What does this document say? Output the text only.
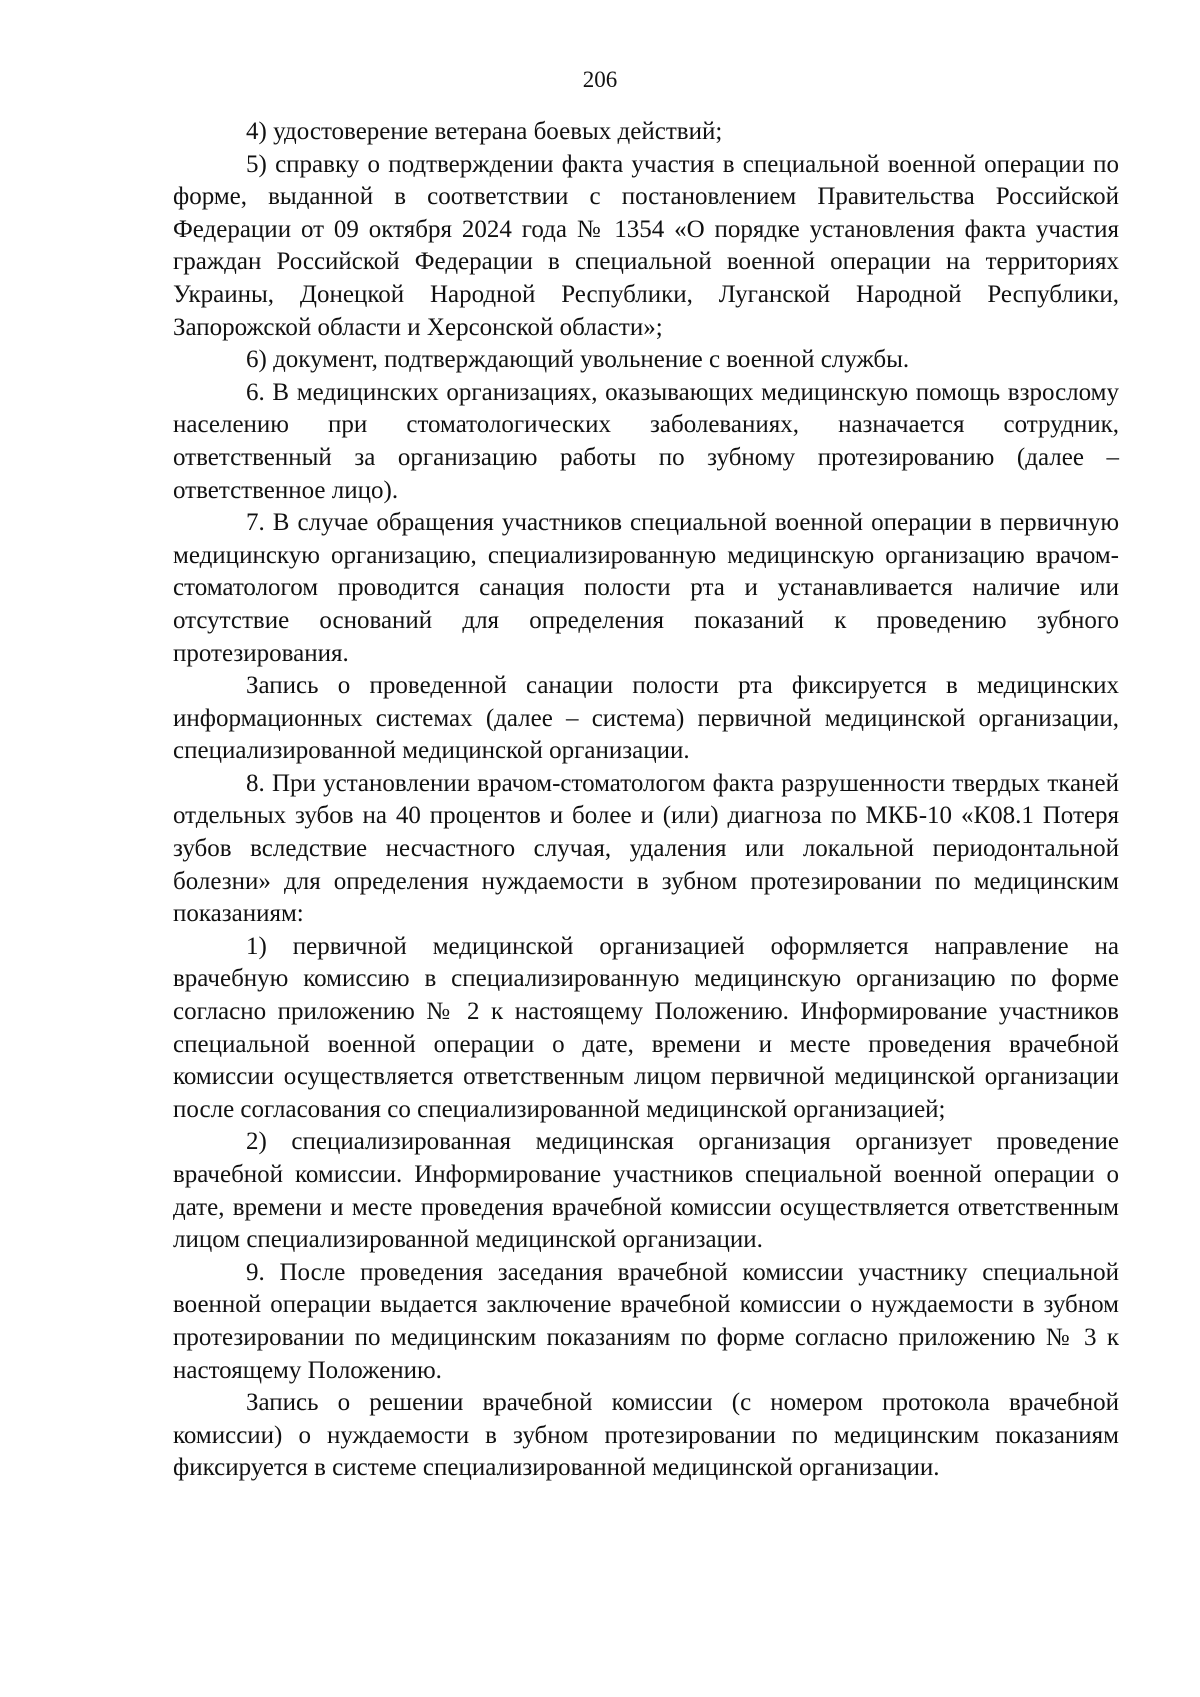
206

4) удостоверение ветерана боевых действий;

5) справку о подтверждении факта участия в специальной военной операции по форме, выданной в соответствии с постановлением Правительства Российской Федерации от 09 октября 2024 года № 1354 «О порядке установления факта участия граждан Российской Федерации в специальной военной операции на территориях Украины, Донецкой Народной Республики, Луганской Народной Республики, Запорожской области и Херсонской области»;

6) документ, подтверждающий увольнение с военной службы.

6. В медицинских организациях, оказывающих медицинскую помощь взрослому населению при стоматологических заболеваниях, назначается сотрудник, ответственный за организацию работы по зубному протезированию (далее – ответственное лицо).

7. В случае обращения участников специальной военной операции в первичную медицинскую организацию, специализированную медицинскую организацию врачом-стоматологом проводится санация полости рта и устанавливается наличие или отсутствие оснований для определения показаний к проведению зубного протезирования.

Запись о проведенной санации полости рта фиксируется в медицинских информационных системах (далее – система) первичной медицинской организации, специализированной медицинской организации.

8. При установлении врачом-стоматологом факта разрушенности твердых тканей отдельных зубов на 40 процентов и более и (или) диагноза по МКБ-10 «К08.1 Потеря зубов вследствие несчастного случая, удаления или локальной периодонтальной болезни» для определения нуждаемости в зубном протезировании по медицинским показаниям:

1) первичной медицинской организацией оформляется направление на врачебную комиссию в специализированную медицинскую организацию по форме согласно приложению № 2 к настоящему Положению. Информирование участников специальной военной операции о дате, времени и месте проведения врачебной комиссии осуществляется ответственным лицом первичной медицинской организации после согласования со специализированной медицинской организацией;

2) специализированная медицинская организация организует проведение врачебной комиссии. Информирование участников специальной военной операции о дате, времени и месте проведения врачебной комиссии осуществляется ответственным лицом специализированной медицинской организации.

9. После проведения заседания врачебной комиссии участнику специальной военной операции выдается заключение врачебной комиссии о нуждаемости в зубном протезировании по медицинским показаниям по форме согласно приложению № 3 к настоящему Положению.

Запись о решении врачебной комиссии (с номером протокола врачебной комиссии) о нуждаемости в зубном протезировании по медицинским показаниям фиксируется в системе специализированной медицинской организации.
